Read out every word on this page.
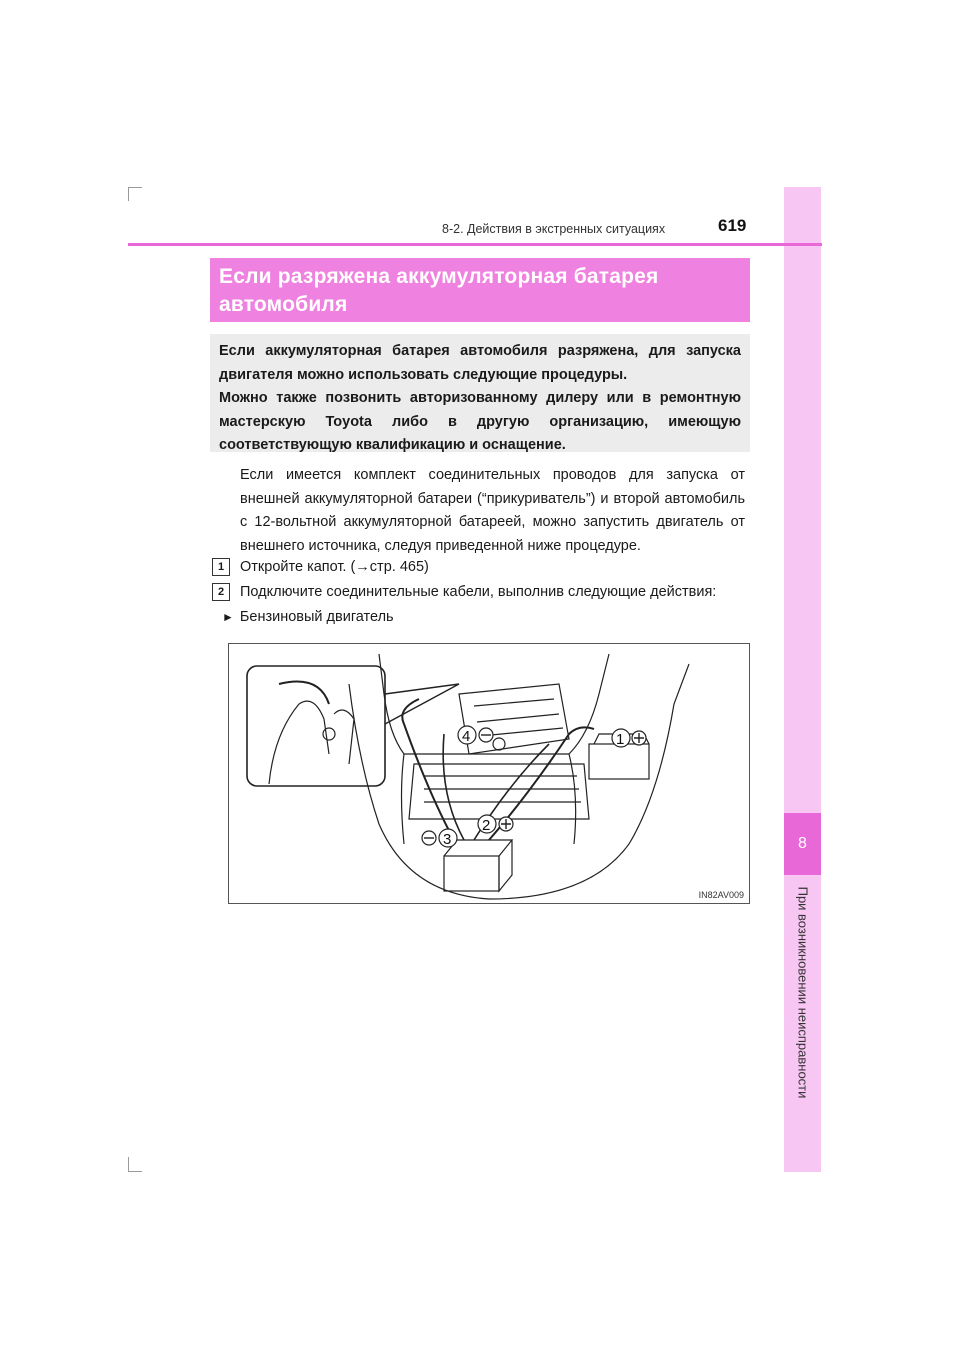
8
При возникновении неисправности
8-2. Действия в экстренных ситуациях	619
Если разряжена аккумуляторная батарея
автомобиля

Если аккумуляторная батарея автомобиля разряжена, для запуска двигателя можно использовать следующие процедуры.

Можно также позвонить авторизованному дилеру или в ремонтную мастерскую Toyota либо в другую организацию, имеющую соответствующую квалификацию и оснащение.

Если имеется комплект соединительных проводов для запуска от внешней аккумуляторной батареи (“прикуриватель”) и второй автомобиль с 12-вольтной аккумуляторной батареей, можно запустить двигатель от внешнего источника, следуя приведенной ниже процедуре.
1	Откройте капот. (→стр. 465)
2	Подключите соединительные кабели, выполнив следующие действия:
► Бензиновый двигатель
4	1
2
3
IN82AV009
